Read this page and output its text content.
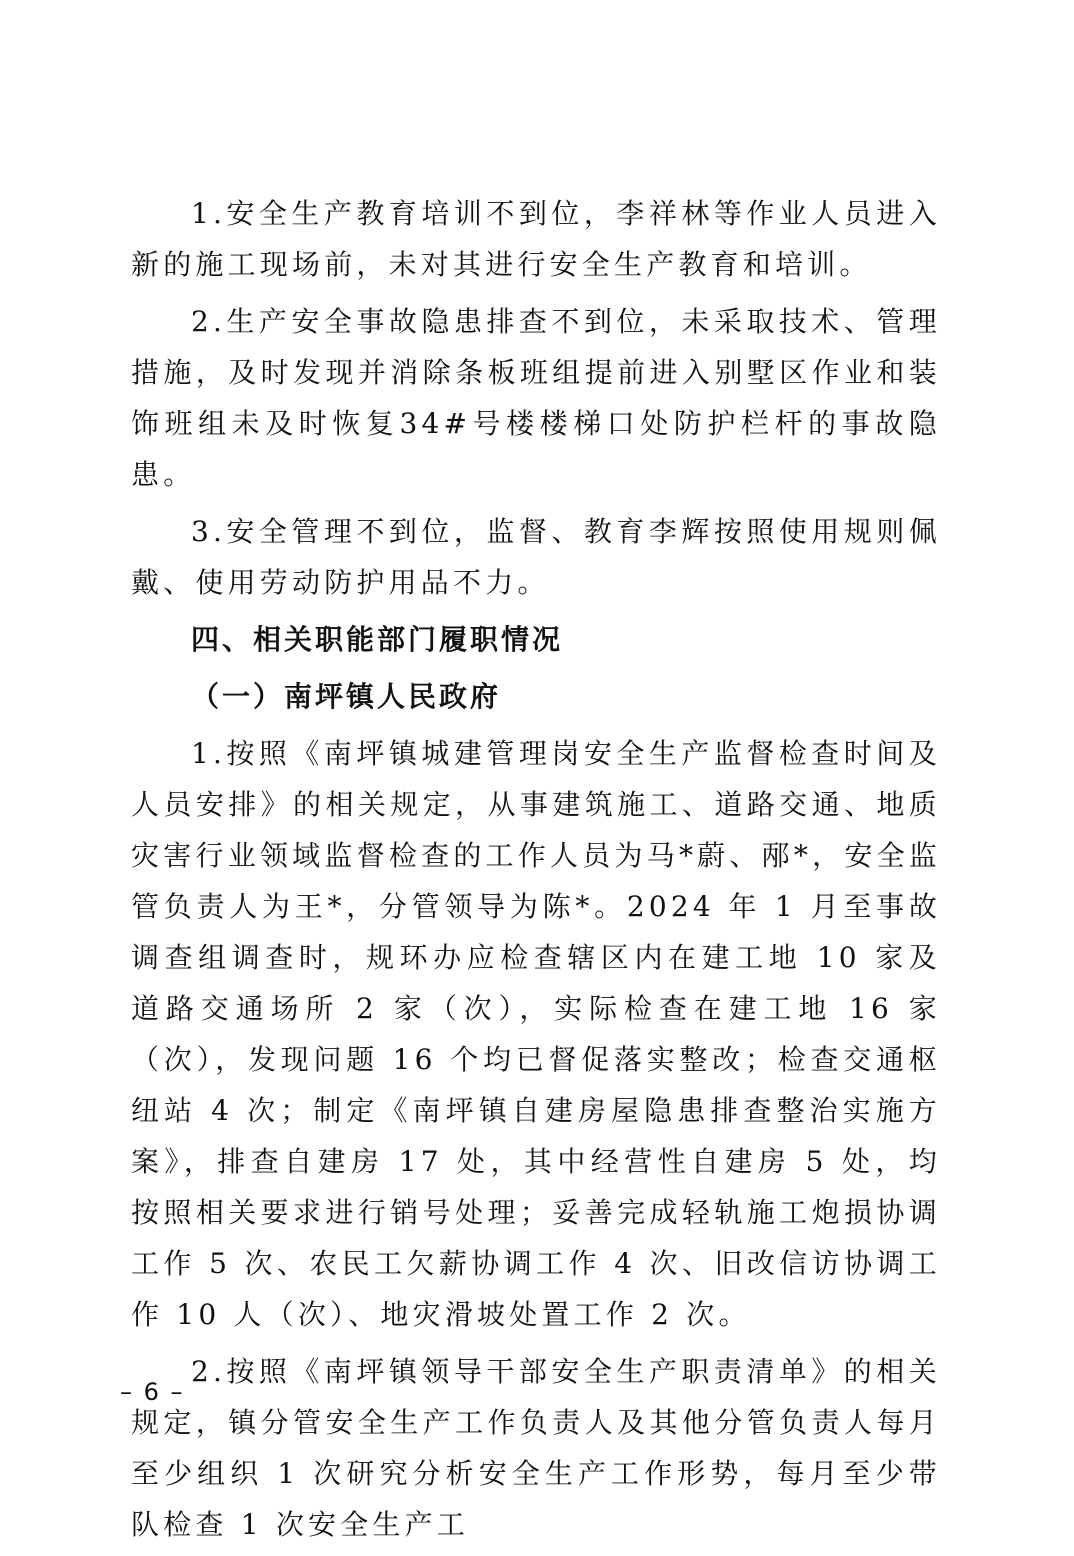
1.安全生产教育培训不到位，李祥林等作业人员进入新的施工现场前，未对其进行安全生产教育和培训。

2.生产安全事故隐患排查不到位，未采取技术、管理措施，及时发现并消除条板班组提前进入别墅区作业和装饰班组未及时恢复34#号楼楼梯口处防护栏杆的事故隐患。

3.安全管理不到位，监督、教育李辉按照使用规则佩戴、使用劳动防护用品不力。

四、相关职能部门履职情况

（一）南坪镇人民政府

1.按照《南坪镇城建管理岗安全生产监督检查时间及人员安排》的相关规定，从事建筑施工、道路交通、地质灾害行业领域监督检查的工作人员为马*蔚、邴*，安全监管负责人为王*，分管领导为陈*。2024 年 1 月至事故调查组调查时，规环办应检查辖区内在建工地 10 家及道路交通场所 2 家（次），实际检查在建工地 16 家（次），发现问题 16 个均已督促落实整改；检查交通枢纽站 4 次；制定《南坪镇自建房屋隐患排查整治实施方案》，排查自建房 17 处，其中经营性自建房 5 处，均按照相关要求进行销号处理；妥善完成轻轨施工炮损协调工作 5 次、农民工欠薪协调工作 4 次、旧改信访协调工作 10 人（次）、地灾滑坡处置工作 2 次。

2.按照《南坪镇领导干部安全生产职责清单》的相关规定，镇分管安全生产工作负责人及其他分管负责人每月至少组织 1 次研究分析安全生产工作形势，每月至少带队检查 1 次安全生产工

– 6 –
